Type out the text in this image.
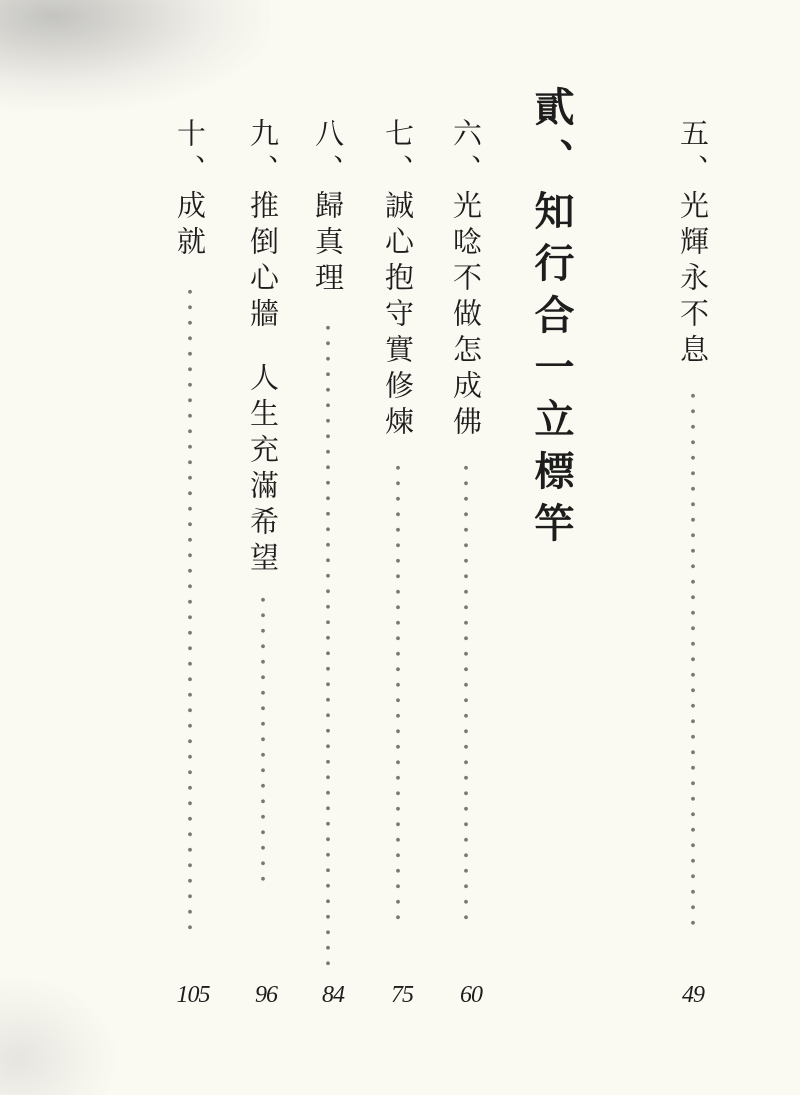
五、光輝永不息
49
貳、知行合一立標竿
六、光唸不做怎成佛
60
七、誠心抱守實修煉
75
八、歸真理
84
九、推倒心牆
人生充滿希望
96
十、成就
105
